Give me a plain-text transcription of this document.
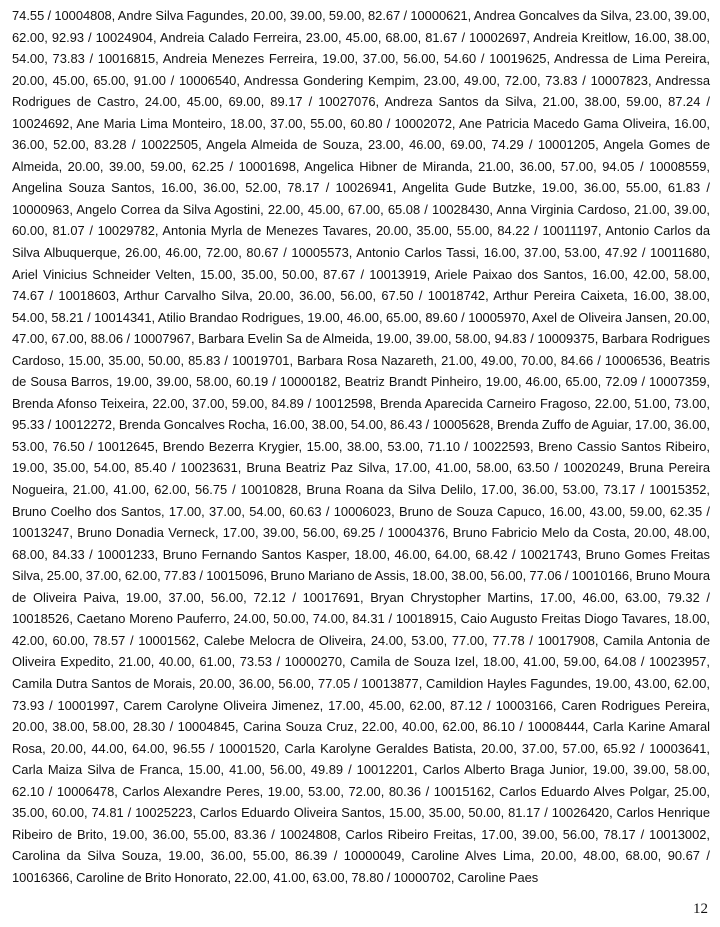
74.55 / 10004808, Andre Silva Fagundes, 20.00, 39.00, 59.00, 82.67 / 10000621, Andrea Goncalves da Silva, 23.00, 39.00, 62.00, 92.93 / 10024904, Andreia Calado Ferreira, 23.00, 45.00, 68.00, 81.67 / 10002697, Andreia Kreitlow, 16.00, 38.00, 54.00, 73.83 / 10016815, Andreia Menezes Ferreira, 19.00, 37.00, 56.00, 54.60 / 10019625, Andressa de Lima Pereira, 20.00, 45.00, 65.00, 91.00 / 10006540, Andressa Gondering Kempim, 23.00, 49.00, 72.00, 73.83 / 10007823, Andressa Rodrigues de Castro, 24.00, 45.00, 69.00, 89.17 / 10027076, Andreza Santos da Silva, 21.00, 38.00, 59.00, 87.24 / 10024692, Ane Maria Lima Monteiro, 18.00, 37.00, 55.00, 60.80 / 10002072, Ane Patricia Macedo Gama Oliveira, 16.00, 36.00, 52.00, 83.28 / 10022505, Angela Almeida de Souza, 23.00, 46.00, 69.00, 74.29 / 10001205, Angela Gomes de Almeida, 20.00, 39.00, 59.00, 62.25 / 10001698, Angelica Hibner de Miranda, 21.00, 36.00, 57.00, 94.05 / 10008559, Angelina Souza Santos, 16.00, 36.00, 52.00, 78.17 / 10026941, Angelita Gude Butzke, 19.00, 36.00, 55.00, 61.83 / 10000963, Angelo Correa da Silva Agostini, 22.00, 45.00, 67.00, 65.08 / 10028430, Anna Virginia Cardoso, 21.00, 39.00, 60.00, 81.07 / 10029782, Antonia Myrla de Menezes Tavares, 20.00, 35.00, 55.00, 84.22 / 10011197, Antonio Carlos da Silva Albuquerque, 26.00, 46.00, 72.00, 80.67 / 10005573, Antonio Carlos Tassi, 16.00, 37.00, 53.00, 47.92 / 10011680, Ariel Vinicius Schneider Velten, 15.00, 35.00, 50.00, 87.67 / 10013919, Ariele Paixao dos Santos, 16.00, 42.00, 58.00, 74.67 / 10018603, Arthur Carvalho Silva, 20.00, 36.00, 56.00, 67.50 / 10018742, Arthur Pereira Caixeta, 16.00, 38.00, 54.00, 58.21 / 10014341, Atilio Brandao Rodrigues, 19.00, 46.00, 65.00, 89.60 / 10005970, Axel de Oliveira Jansen, 20.00, 47.00, 67.00, 88.06 / 10007967, Barbara Evelin Sa de Almeida, 19.00, 39.00, 58.00, 94.83 / 10009375, Barbara Rodrigues Cardoso, 15.00, 35.00, 50.00, 85.83 / 10019701, Barbara Rosa Nazareth, 21.00, 49.00, 70.00, 84.66 / 10006536, Beatris de Sousa Barros, 19.00, 39.00, 58.00, 60.19 / 10000182, Beatriz Brandt Pinheiro, 19.00, 46.00, 65.00, 72.09 / 10007359, Brenda Afonso Teixeira, 22.00, 37.00, 59.00, 84.89 / 10012598, Brenda Aparecida Carneiro Fragoso, 22.00, 51.00, 73.00, 95.33 / 10012272, Brenda Goncalves Rocha, 16.00, 38.00, 54.00, 86.43 / 10005628, Brenda Zuffo de Aguiar, 17.00, 36.00, 53.00, 76.50 / 10012645, Brendo Bezerra Krygier, 15.00, 38.00, 53.00, 71.10 / 10022593, Breno Cassio Santos Ribeiro, 19.00, 35.00, 54.00, 85.40 / 10023631, Bruna Beatriz Paz Silva, 17.00, 41.00, 58.00, 63.50 / 10020249, Bruna Pereira Nogueira, 21.00, 41.00, 62.00, 56.75 / 10010828, Bruna Roana da Silva Delilo, 17.00, 36.00, 53.00, 73.17 / 10015352, Bruno Coelho dos Santos, 17.00, 37.00, 54.00, 60.63 / 10006023, Bruno de Souza Capuco, 16.00, 43.00, 59.00, 62.35 / 10013247, Bruno Donadia Verneck, 17.00, 39.00, 56.00, 69.25 / 10004376, Bruno Fabricio Melo da Costa, 20.00, 48.00, 68.00, 84.33 / 10001233, Bruno Fernando Santos Kasper, 18.00, 46.00, 64.00, 68.42 / 10021743, Bruno Gomes Freitas Silva, 25.00, 37.00, 62.00, 77.83 / 10015096, Bruno Mariano de Assis, 18.00, 38.00, 56.00, 77.06 / 10010166, Bruno Moura de Oliveira Paiva, 19.00, 37.00, 56.00, 72.12 / 10017691, Bryan Chrystopher Martins, 17.00, 46.00, 63.00, 79.32 / 10018526, Caetano Moreno Pauferro, 24.00, 50.00, 74.00, 84.31 / 10018915, Caio Augusto Freitas Diogo Tavares, 18.00, 42.00, 60.00, 78.57 / 10001562, Calebe Melocra de Oliveira, 24.00, 53.00, 77.00, 77.78 / 10017908, Camila Antonia de Oliveira Expedito, 21.00, 40.00, 61.00, 73.53 / 10000270, Camila de Souza Izel, 18.00, 41.00, 59.00, 64.08 / 10023957, Camila Dutra Santos de Morais, 20.00, 36.00, 56.00, 77.05 / 10013877, Camildion Hayles Fagundes, 19.00, 43.00, 62.00, 73.93 / 10001997, Carem Carolyne Oliveira Jimenez, 17.00, 45.00, 62.00, 87.12 / 10003166, Caren Rodrigues Pereira, 20.00, 38.00, 58.00, 28.30 / 10004845, Carina Souza Cruz, 22.00, 40.00, 62.00, 86.10 / 10008444, Carla Karine Amaral Rosa, 20.00, 44.00, 64.00, 96.55 / 10001520, Carla Karolyne Geraldes Batista, 20.00, 37.00, 57.00, 65.92 / 10003641, Carla Maiza Silva de Franca, 15.00, 41.00, 56.00, 49.89 / 10012201, Carlos Alberto Braga Junior, 19.00, 39.00, 58.00, 62.10 / 10006478, Carlos Alexandre Peres, 19.00, 53.00, 72.00, 80.36 / 10015162, Carlos Eduardo Alves Polgar, 25.00, 35.00, 60.00, 74.81 / 10025223, Carlos Eduardo Oliveira Santos, 15.00, 35.00, 50.00, 81.17 / 10026420, Carlos Henrique Ribeiro de Brito, 19.00, 36.00, 55.00, 83.36 / 10024808, Carlos Ribeiro Freitas, 17.00, 39.00, 56.00, 78.17 / 10013002, Carolina da Silva Souza, 19.00, 36.00, 55.00, 86.39 / 10000049, Caroline Alves Lima, 20.00, 48.00, 68.00, 90.67 / 10016366, Caroline de Brito Honorato, 22.00, 41.00, 63.00, 78.80 / 10000702, Caroline Paes

12
